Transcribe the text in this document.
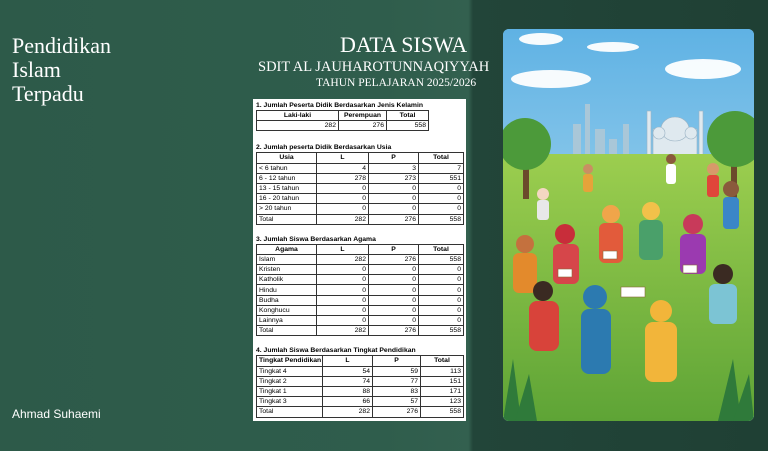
Pendidikan
Islam
Terpadu
Ahmad Suhaemi
DATA SISWA
SDIT AL JAUHAROTUNNAQIYYAH
TAHUN PELAJARAN 2025/2026
1. Jumlah Peserta Didik Berdasarkan Jenis Kelamin
Laki-laki	Perempuan	Total
282	276	558
2. Jumlah peserta Didik Berdasarkan Usia
Usia	L	P	Total
< 6 tahun	4	3	7
6 - 12 tahun	278	273	551
13 - 15 tahun	0	0	0
16 - 20 tahun	0	0	0
> 20 tahun	0	0	0
Total	282	276	558
3. Jumlah Siswa Berdasarkan Agama
Agama	L	P	Total
Islam	282	276	558
Kristen	0	0	0
Katholik	0	0	0
Hindu	0	0	0
Budha	0	0	0
Konghucu	0	0	0
Lainnya	0	0	0
Total	282	276	558
4. Jumlah Siswa Berdasarkan Tingkat Pendidikan
Tingkat Pendidikan	L	P	Total
Tingkat 4	54	59	113
Tingkat 2	74	77	151
Tingkat 1	88	83	171
Tingkat 3	66	57	123
Total	282	276	558
